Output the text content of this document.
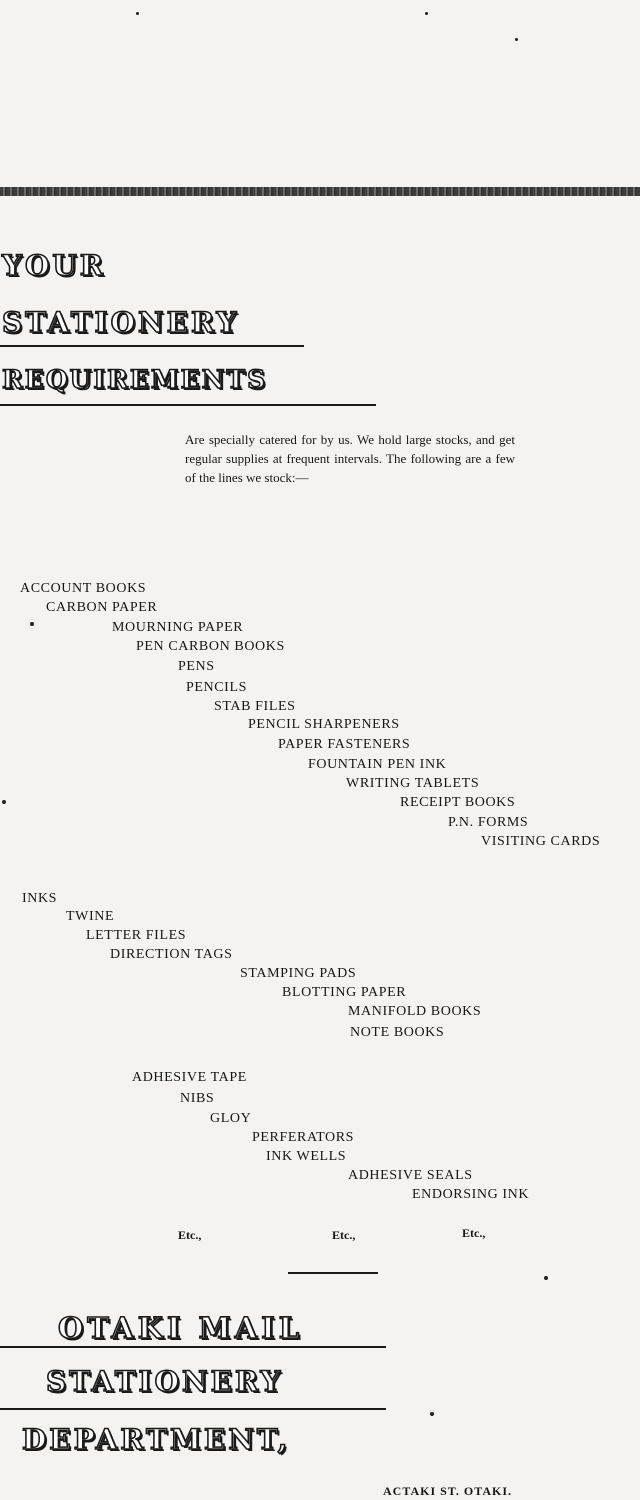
YOUR
STATIONERY
REQUIREMENTS
Are specially catered for by us. We hold large stocks, and get regular supplies at frequent intervals. The following are a few of the lines we stock:—
ACCOUNT BOOKS
CARBON PAPER
MOURNING PAPER
PEN CARBON BOOKS
PENS
PENCILS
STAB FILES
PENCIL SHARPENERS
PAPER FASTENERS
FOUNTAIN PEN INK
WRITING TABLETS
RECEIPT BOOKS
P.N. FORMS
VISITING CARDS
INKS
TWINE
LETTER FILES
DIRECTION TAGS
STAMPING PADS
BLOTTING PAPER
MANIFOLD BOOKS
NOTE BOOKS
ADHESIVE TAPE
NIBS
GLOY
PERFERATORS
INK WELLS
ADHESIVE SEALS
ENDORSING INK
Etc.,	Etc.,	Etc.,
OTAKI MAIL
STATIONERY
DEPARTMENT,
ACTAKI ST. OTAKI.
